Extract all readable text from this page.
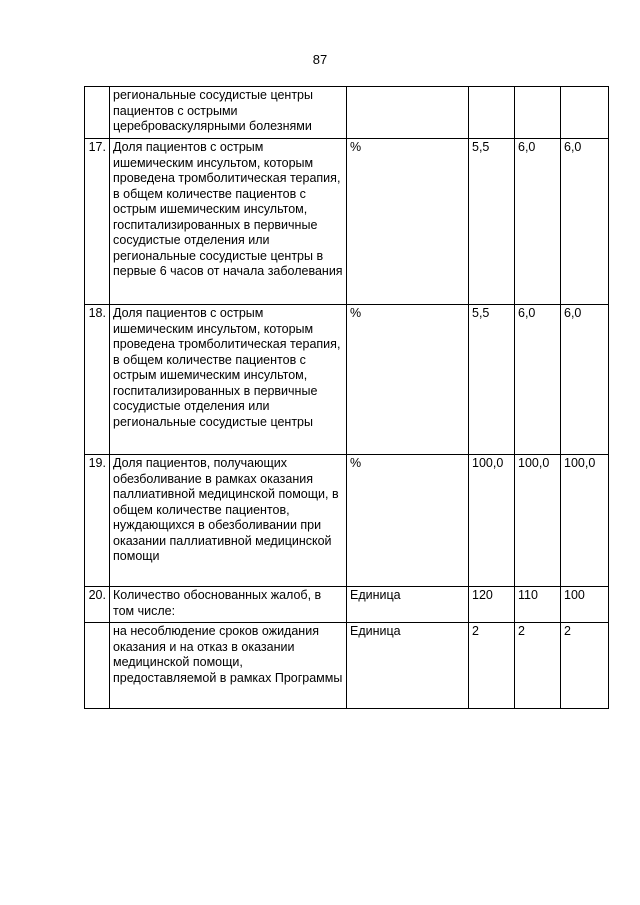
87
	региональные сосудистые центры пациентов с острыми цереброваскулярными болезнями				
17.	Доля пациентов с острым ишемическим инсультом, которым проведена тромболитическая терапия, в общем количестве пациентов с острым ишемическим инсультом, госпитализированных в первичные сосудистые отделения или региональные сосудистые центры в первые 6 часов от начала заболевания	%	5,5	6,0	6,0
18.	Доля пациентов с острым ишемическим инсультом, которым проведена тромболитическая терапия, в общем количестве пациентов с острым ишемическим инсультом, госпитализированных в первичные сосудистые отделения или региональные сосудистые центры	%	5,5	6,0	6,0
19.	Доля пациентов, получающих обезболивание в рамках оказания паллиативной медицинской помощи, в общем количестве пациентов, нуждающихся в обезболивании при оказании паллиативной медицинской помощи	%	100,0	100,0	100,0
20.	Количество обоснованных жалоб, в том числе:	Единица	120	110	100
	на несоблюдение сроков ожидания оказания и на отказ в оказании медицинской помощи, предоставляемой в рамках Программы	Единица	2	2	2
